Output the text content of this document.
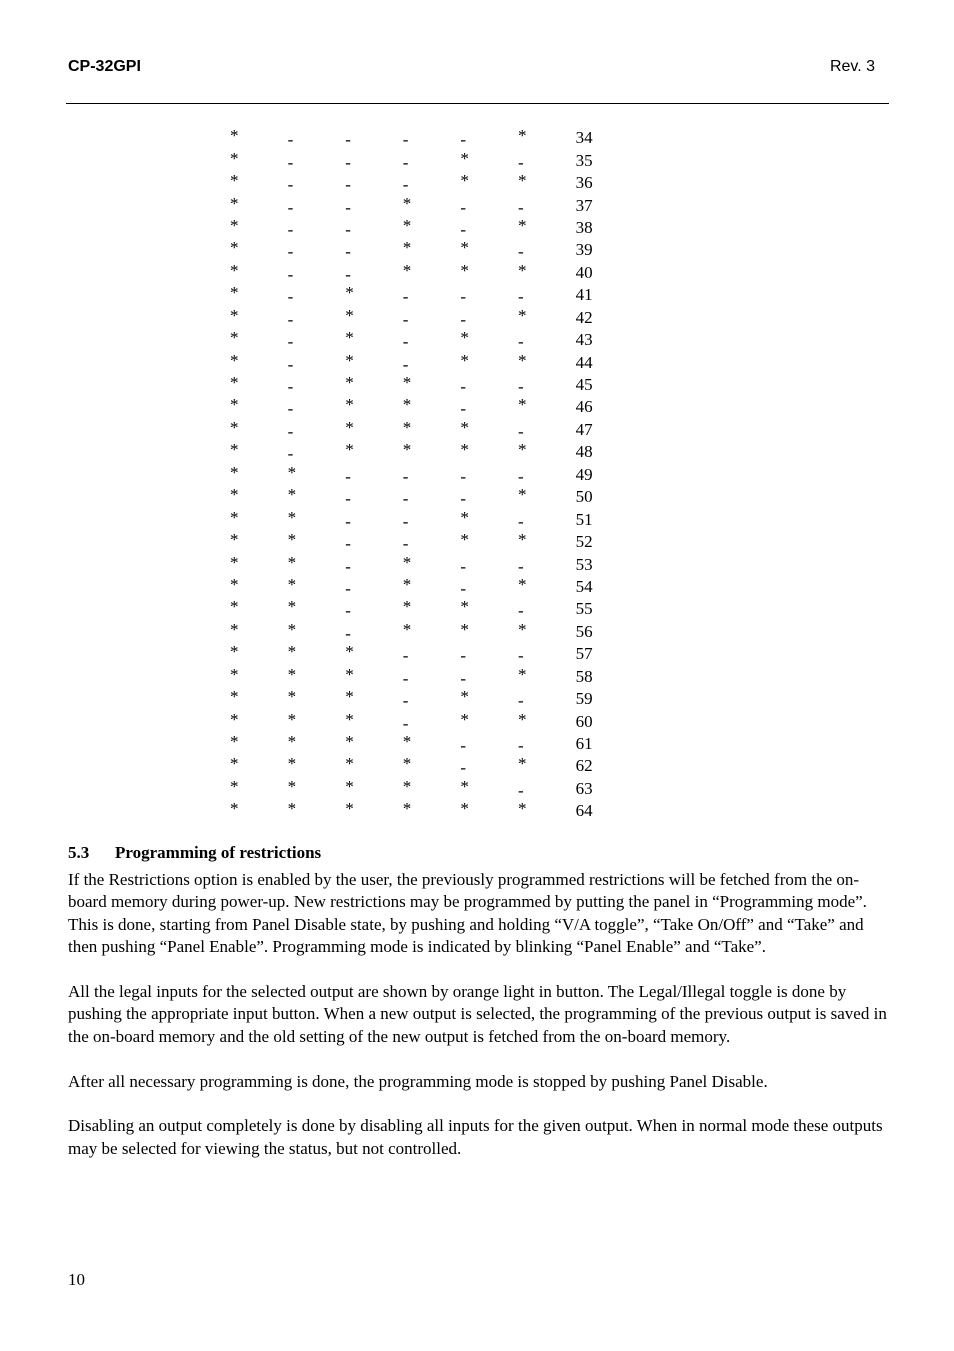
CP-32GPI	Rev. 3
*	-	-	-	-	*	34
*	-	-	-	*	-	35
*	-	-	-	*	*	36
*	-	-	*	-	-	37
*	-	-	*	-	*	38
*	-	-	*	*	-	39
*	-	-	*	*	*	40
*	-	*	-	-	-	41
*	-	*	-	-	*	42
*	-	*	-	*	-	43
*	-	*	-	*	*	44
*	-	*	*	-	-	45
*	-	*	*	-	*	46
*	-	*	*	*	-	47
*	-	*	*	*	*	48
*	*	-	-	-	-	49
*	*	-	-	-	*	50
*	*	-	-	*	-	51
*	*	-	-	*	*	52
*	*	-	*	-	-	53
*	*	-	*	-	*	54
*	*	-	*	*	-	55
*	*	-	*	*	*	56
*	*	*	-	-	-	57
*	*	*	-	-	*	58
*	*	*	-	*	-	59
*	*	*	-	*	*	60
*	*	*	*	-	-	61
*	*	*	*	-	*	62
*	*	*	*	*	-	63
*	*	*	*	*	*	64
5.3 Programming of restrictions

If the Restrictions option is enabled by the user, the previously programmed restrictions will be fetched from the on-board memory during power-up. New restrictions may be programmed by putting the panel in “Programming mode”. This is done, starting from Panel Disable state, by pushing and holding “V/A toggle”, “Take On/Off” and “Take” and then pushing “Panel Enable”. Programming mode is indicated by blinking “Panel Enable” and “Take”.

All the legal inputs for the selected output are shown by orange light in button. The Legal/Illegal toggle is done by pushing the appropriate input button. When a new output is selected, the programming of the previous output is saved in the on-board memory and the old setting of the new output is fetched from the on-board memory.

After all necessary programming is done, the programming mode is stopped by pushing Panel Disable.

Disabling an output completely is done by disabling all inputs for the given output. When in normal mode these outputs may be selected for viewing the status, but not controlled.

10
